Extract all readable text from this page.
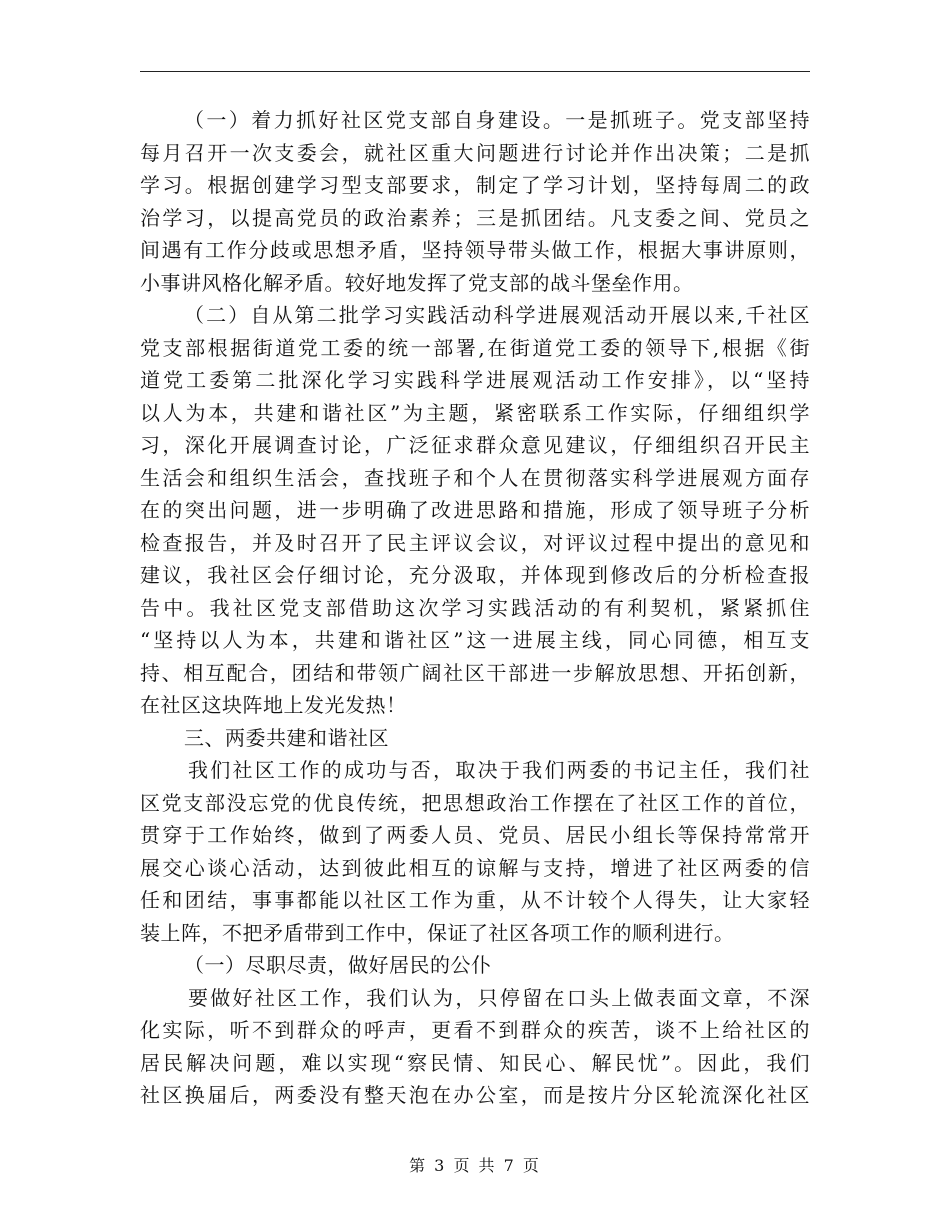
（一）着力抓好社区党支部自身建设。一是抓班子。党支部坚持
每月召开一次支委会，就社区重大问题进行讨论并作出决策；二是抓
学习。根据创建学习型支部要求，制定了学习计划，坚持每周二的政
治学习，以提高党员的政治素养；三是抓团结。凡支委之间、党员之
间遇有工作分歧或思想矛盾，坚持领导带头做工作，根据大事讲原则，
小事讲风格化解矛盾。较好地发挥了党支部的战斗堡垒作用。
（二）自从第二批学习实践活动科学进展观活动开展以来,千社区
党支部根据街道党工委的统一部署,在街道党工委的领导下,根据《街
道党工委第二批深化学习实践科学进展观活动工作安排》，以“坚持
以人为本，共建和谐社区”为主题，紧密联系工作实际，仔细组织学
习，深化开展调查讨论，广泛征求群众意见建议，仔细组织召开民主
生活会和组织生活会，查找班子和个人在贯彻落实科学进展观方面存
在的突出问题，进一步明确了改进思路和措施，形成了领导班子分析
检查报告，并及时召开了民主评议会议，对评议过程中提出的意见和
建议，我社区会仔细讨论，充分汲取，并体现到修改后的分析检查报
告中。我社区党支部借助这次学习实践活动的有利契机，紧紧抓住
“坚持以人为本，共建和谐社区”这一进展主线，同心同德，相互支
持、相互配合，团结和带领广阔社区干部进一步解放思想、开拓创新，
在社区这块阵地上发光发热！
三、两委共建和谐社区
我们社区工作的成功与否，取决于我们两委的书记主任，我们社
区党支部没忘党的优良传统，把思想政治工作摆在了社区工作的首位，
贯穿于工作始终，做到了两委人员、党员、居民小组长等保持常常开
展交心谈心活动，达到彼此相互的谅解与支持，增进了社区两委的信
任和团结，事事都能以社区工作为重，从不计较个人得失，让大家轻
装上阵，不把矛盾带到工作中，保证了社区各项工作的顺利进行。
（一）尽职尽责，做好居民的公仆
要做好社区工作，我们认为，只停留在口头上做表面文章，不深
化实际，听不到群众的呼声，更看不到群众的疾苦，谈不上给社区的
居民解决问题，难以实现“察民情、知民心、解民忧”。因此，我们
社区换届后，两委没有整天泡在办公室，而是按片分区轮流深化社区
第 3 页 共 7 页
